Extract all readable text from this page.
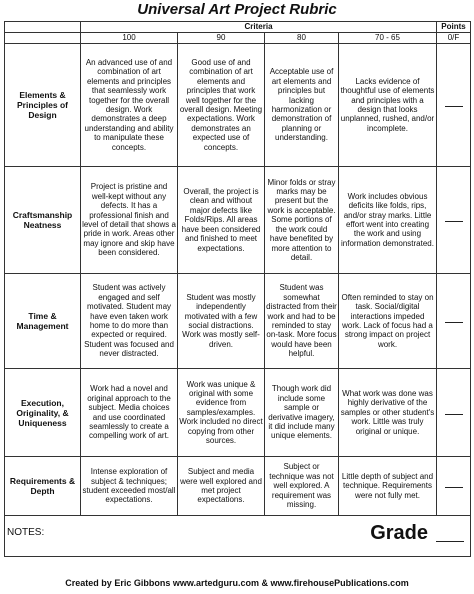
Universal Art Project Rubric
	Criteria				Points
	100	90	80	70 - 65	0/F
Elements & Principles of Design	An advanced use of and combination of art elements and principles that seamlessly work together for the overall design. Work demonstrates a deep understanding and ability to manipulate these concepts.	Good use of and combination of art elements and principles that work well together for the overall design. Meeting expectations. Work demonstrates an expected use of concepts.	Acceptable use of art elements and principles but lacking harmonization or demonstration of planning or understanding.	Lacks evidence of thoughtful use of elements and principles with a design that looks unplanned, rushed, and/or incomplete.	
Craftsmanship Neatness	Project is pristine and well-kept without any defects. It has a professional finish and level of detail that shows a pride in work. Areas other may ignore and skip have been considered.	Overall, the project is clean and without major defects like Folds/Rips. All areas have been considered and finished to meet expectations.	Minor folds or stray marks may be present but the work is acceptable. Some portions of the work could have benefited by more attention to detail.	Work includes obvious deficits like folds, rips, and/or stray marks. Little effort went into creating the work and using information demonstrated.	
Time & Management	Student was actively engaged and self motivated. Student may have even taken work home to do more than expected or required. Student was focused and never distracted.	Student was mostly independently motivated with a few social distractions. Work was mostly self-driven.	Student was somewhat distracted from their work and had to be reminded to stay on-task. More focus would have been helpful.	Often reminded to stay on task. Social/digital interactions impeded work. Lack of focus had a strong impact on project work.	
Execution, Originality, & Uniqueness	Work had a novel and original approach to the subject. Media choices and use coordinated seamlessly to create a compelling work of art.	Work was unique & original with some evidence from samples/examples. Work included no direct copying from other sources.	Though work did include some sample or derivative imagery, it did include many unique elements.	What work was done was highly derivative of the samples or other student's work. Little was truly original or unique.	
Requirements & Depth	Intense exploration of subject & techniques; student exceeded most/all expectations.	Subject and media were well explored and met project expectations.	Subject or technique was not well explored. A requirement was missing.	Little depth of subject and technique. Requirements were not fully met.	

NOTES: Grade					
Created by Eric Gibbons www.artedguru.com & www.firehousePublications.com
